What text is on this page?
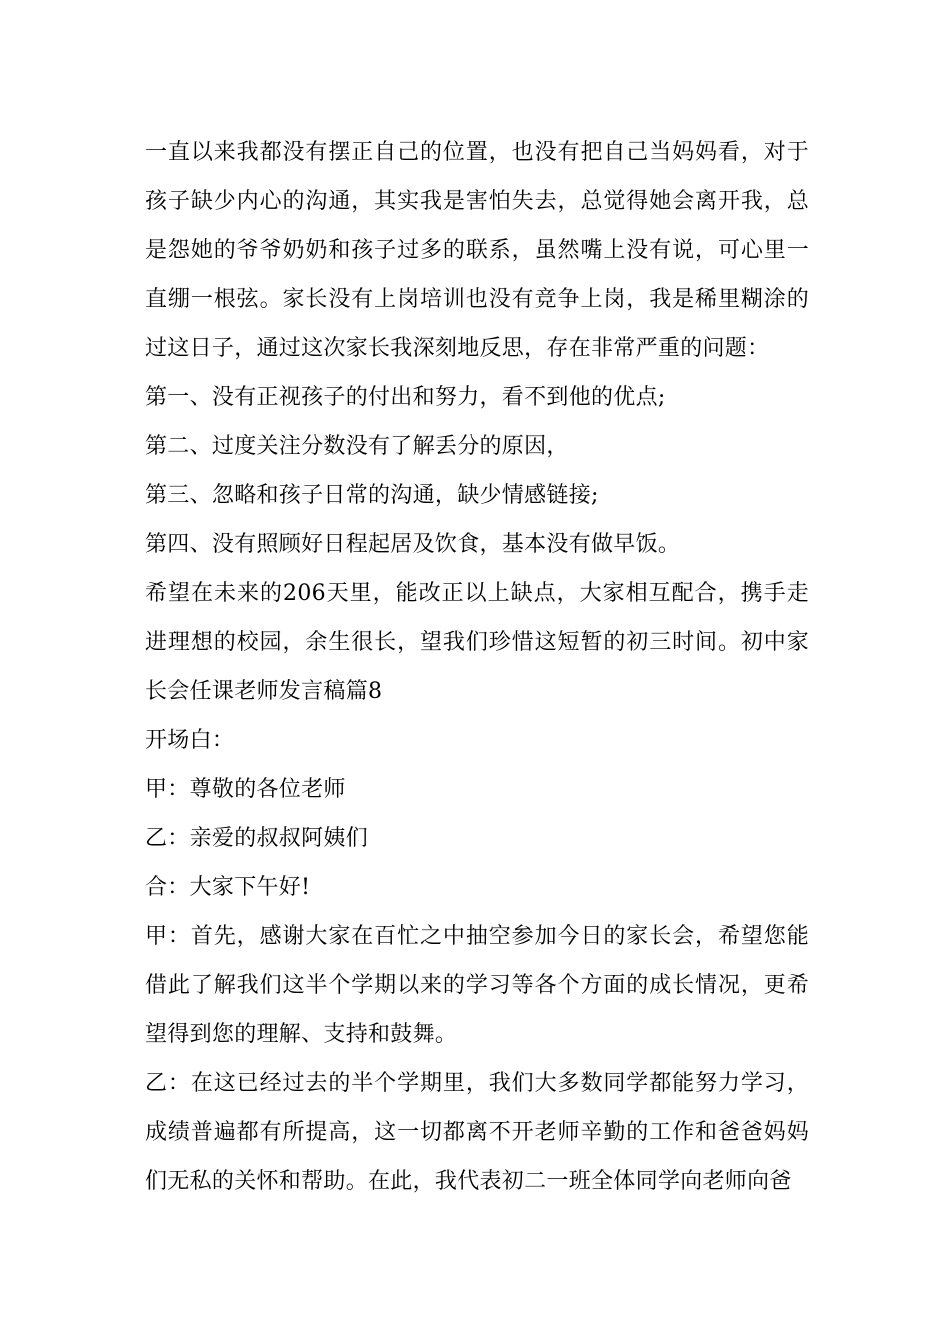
一直以来我都没有摆正自己的位置，也没有把自己当妈妈看，对于孩子缺少内心的沟通，其实我是害怕失去，总觉得她会离开我，总是怨她的爷爷奶奶和孩子过多的联系，虽然嘴上没有说，可心里一直绷一根弦。家长没有上岗培训也没有竞争上岗，我是稀里糊涂的过这日子，通过这次家长我深刻地反思，存在非常严重的问题：

第一、没有正视孩子的付出和努力，看不到他的优点;

第二、过度关注分数没有了解丢分的原因，

第三、忽略和孩子日常的沟通，缺少情感链接;

第四、没有照顾好日程起居及饮食，基本没有做早饭。

希望在未来的206天里，能改正以上缺点，大家相互配合，携手走进理想的校园，余生很长，望我们珍惜这短暂的初三时间。初中家长会任课老师发言稿篇8

开场白：

甲：尊敬的各位老师

乙：亲爱的叔叔阿姨们

合：大家下午好!

甲：首先，感谢大家在百忙之中抽空参加今日的家长会，希望您能借此了解我们这半个学期以来的学习等各个方面的成长情况，更希望得到您的理解、支持和鼓舞。

乙：在这已经过去的半个学期里，我们大多数同学都能努力学习，成绩普遍都有所提高，这一切都离不开老师辛勤的工作和爸爸妈妈们无私的关怀和帮助。在此，我代表初二一班全体同学向老师向爸
